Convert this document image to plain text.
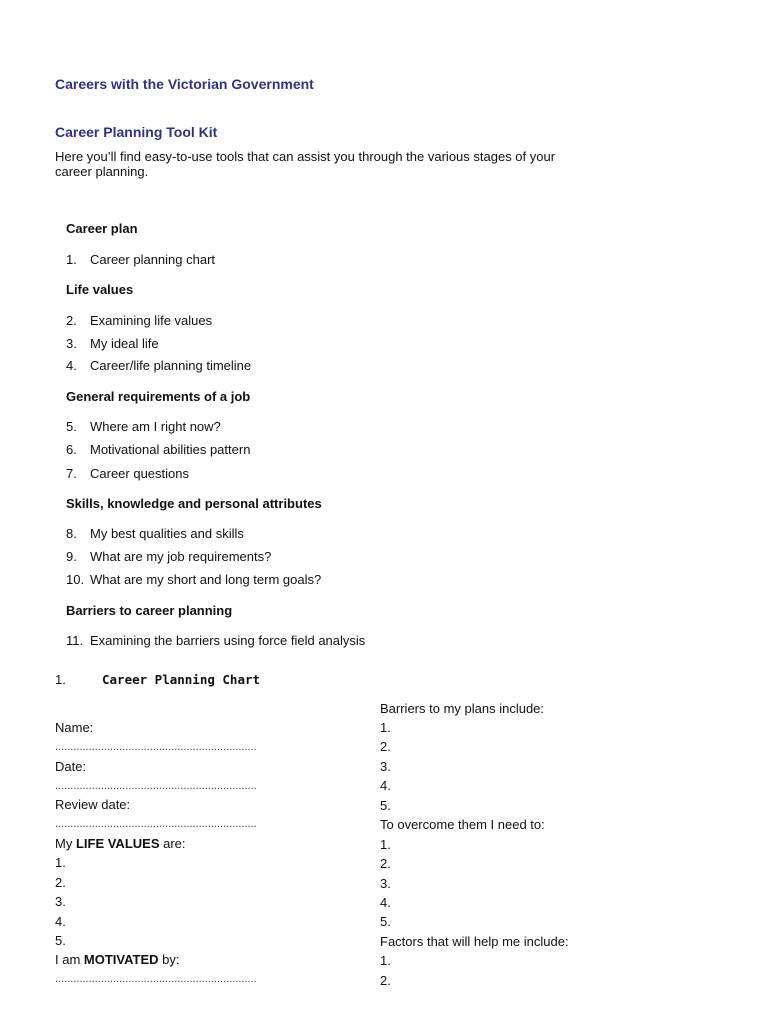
Careers with the Victorian Government
Career Planning Tool Kit
Here you’ll find easy-to-use tools that can assist you through the various stages of your
career planning.
Career plan
1. Career planning chart
Life values
2. Examining life values
3. My ideal life
4. Career/life planning timeline
General requirements of a job
5. Where am I right now?
6. Motivational abilities pattern
7. Career questions
Skills, knowledge and personal attributes
8. My best qualities and skills
9. What are my job requirements?
10. What are my short and long term goals?
Barriers to career planning
11. Examining the barriers using force field analysis
1.	Career Planning Chart
Name:
..................................................................
Date:
..................................................................
Review date:
..................................................................
My LIFE VALUES are:
1.
2.
3.
4.
5.
I am MOTIVATED by:
..................................................................
Barriers to my plans include:
1.
2.
3.
4.
5.
To overcome them I need to:
1.
2.
3.
4.
5.
Factors that will help me include:
1.
2.
